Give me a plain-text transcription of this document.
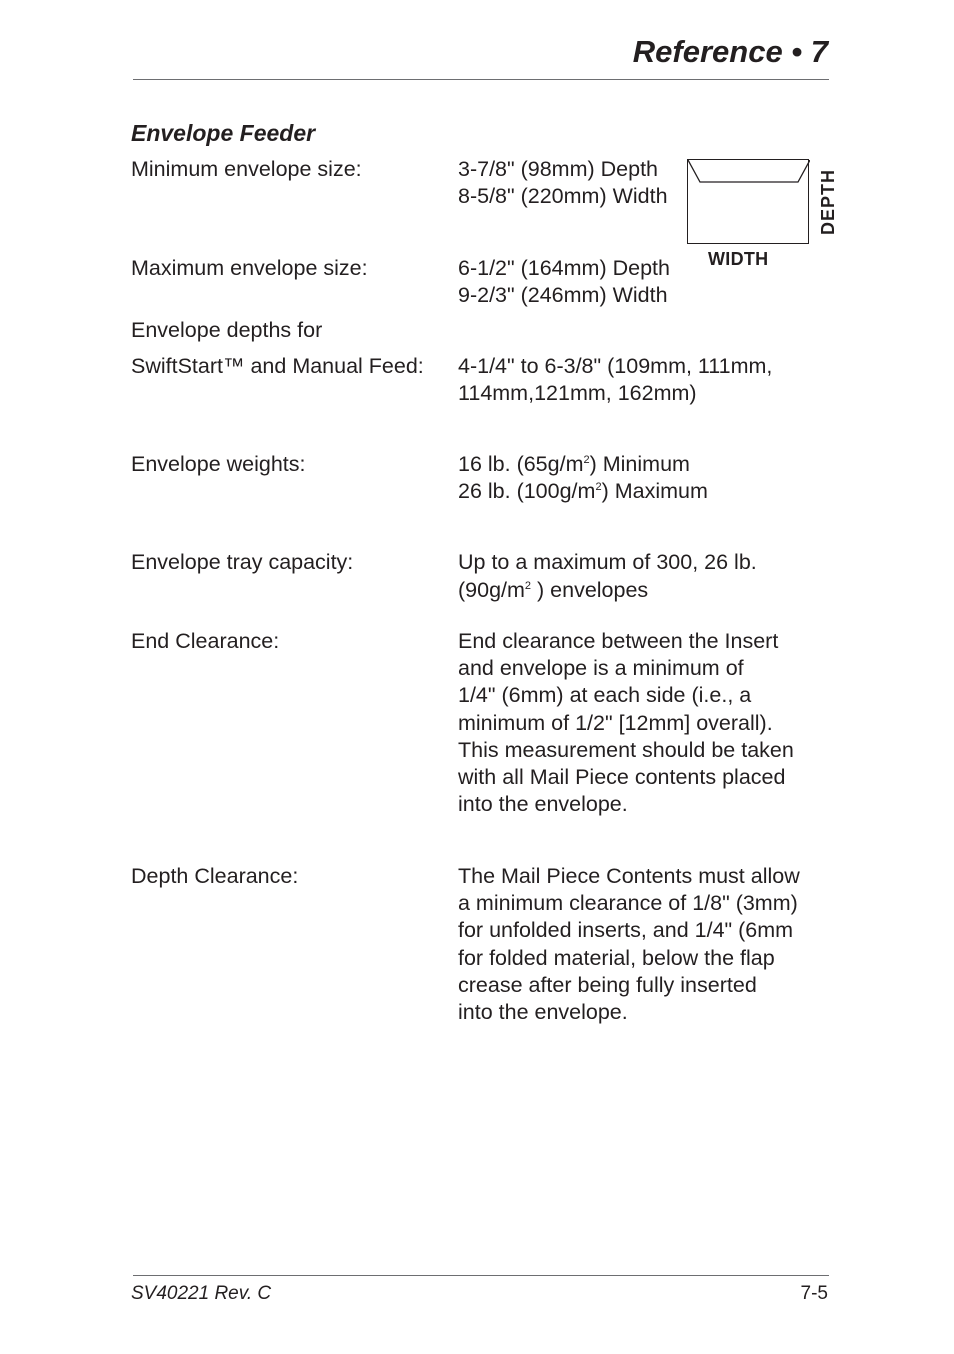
Reference • 7
Envelope Feeder
Minimum envelope size:	3-7/8" (98mm) Depth
8-5/8" (220mm) Width
WIDTH
DEPTH
Maximum envelope size:	6-1/2" (164mm) Depth
9-2/3" (246mm) Width
Envelope depths for
SwiftStart™ and Manual Feed: 4-1/4" to 6-3/8" (109mm, 111mm,
114mm,121mm, 162mm)
Envelope weights:	16 lb. $(65g/m^2)$ Minimum
26 lb. $(100g/m^2)$ Maximum
Envelope tray capacity:	Up to a maximum of 300, 26 lb.
($90g/m^2$ ) envelopes
End Clearance:	End clearance between the Insert
and envelope is a minimum of
1/4" (6mm) at each side (i.e., a
minimum of 1/2" [12mm] overall).
This measurement should be taken
with all Mail Piece contents placed
into the envelope.
Depth Clearance:	The Mail Piece Contents must allow
a minimum clearance of 1/8" (3mm)
for unfolded inserts, and 1/4" (6mm
for folded material, below the flap
crease after being fully inserted
into the envelope.
SV40221 Rev. C	7-5
